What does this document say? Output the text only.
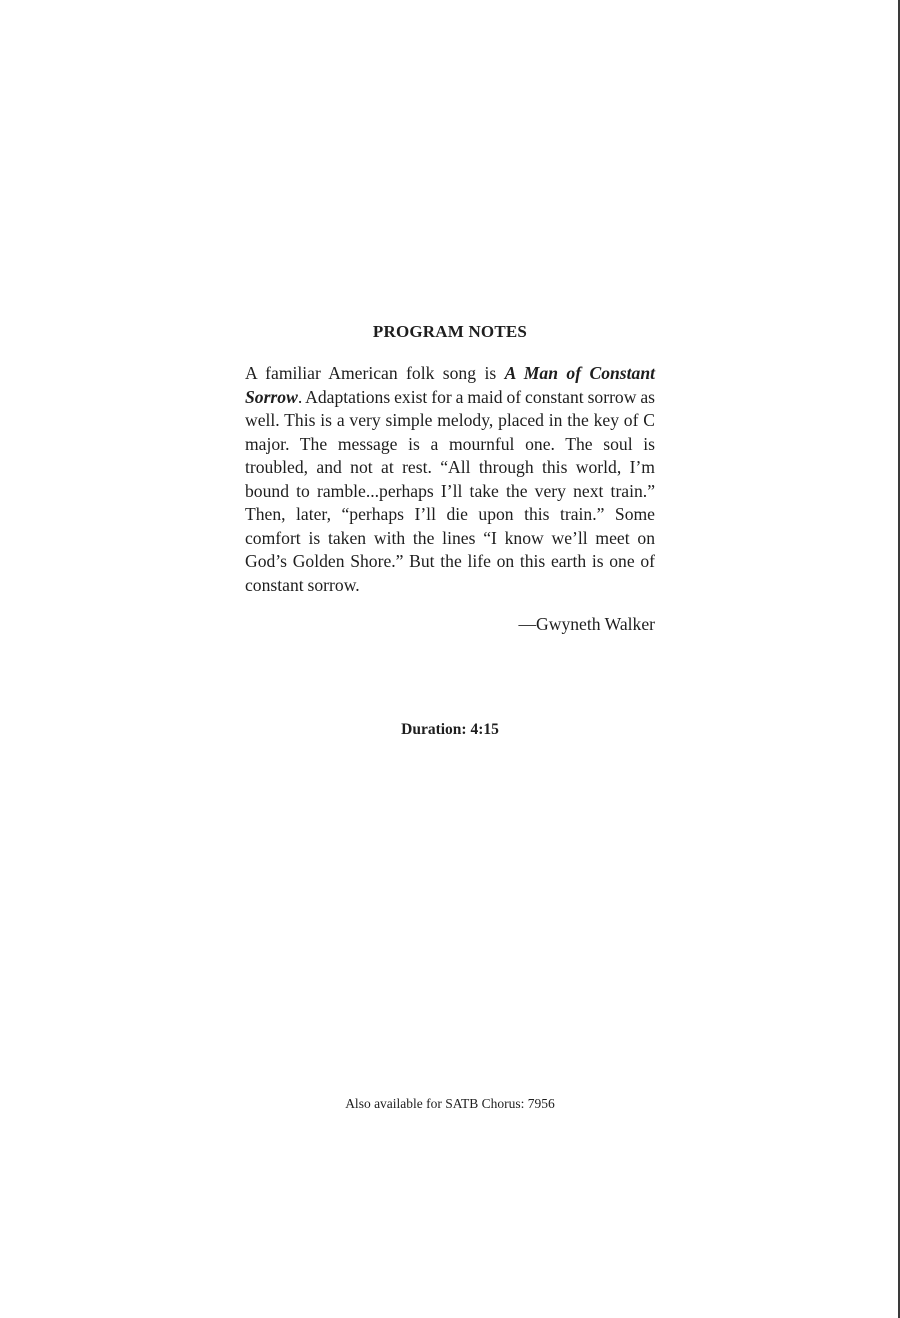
PROGRAM NOTES

A familiar American folk song is A Man of Constant Sorrow. Adaptations exist for a maid of constant sorrow as well. This is a very simple melody, placed in the key of C major. The message is a mournful one. The soul is troubled, and not at rest. “All through this world, I’m bound to ramble...perhaps I’ll take the very next train.” Then, later, “perhaps I’ll die upon this train.” Some comfort is taken with the lines “I know we’ll meet on God’s Golden Shore.” But the life on this earth is one of constant sorrow.

—Gwyneth Walker
Duration: 4:15
Also available for SATB Chorus: 7956
